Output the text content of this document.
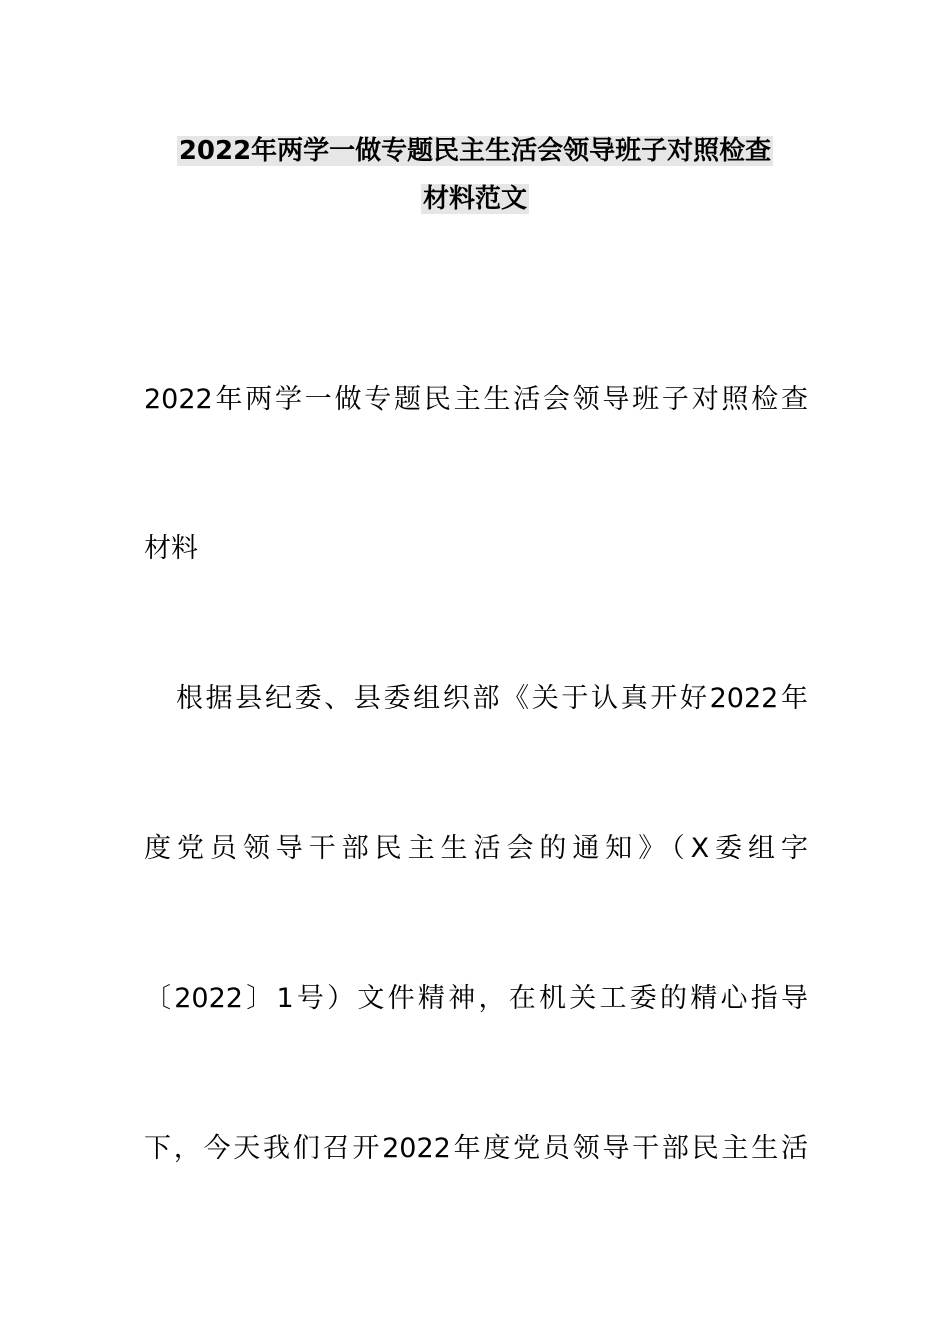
2022年两学一做专题民主生活会领导班子对照检查
材料范文
2022年两学一做专题民主生活会领导班子对照检查
材料
根据县纪委、县委组织部《关于认真开好2022年
度党员领导干部民主生活会的通知》（X委组字
〔2022〕1号）文件精神，在机关工委的精心指导
下，今天我们召开2022年度党员领导干部民主生活
